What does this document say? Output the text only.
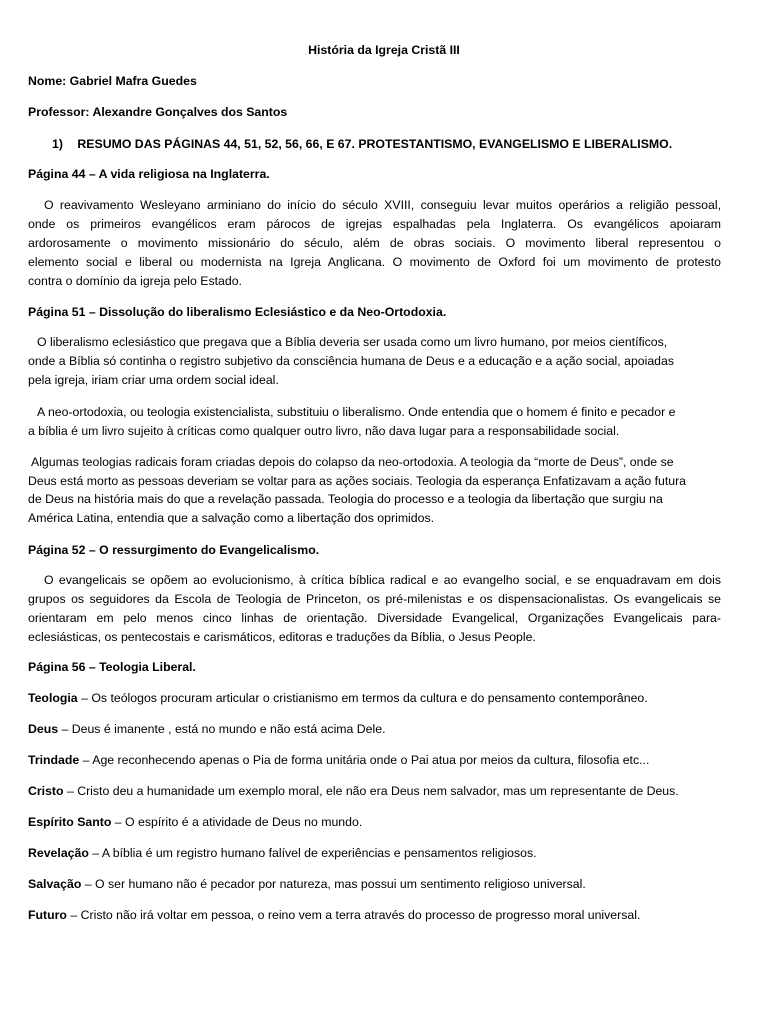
História da Igreja Cristã III
Nome: Gabriel Mafra Guedes
Professor: Alexandre Gonçalves dos Santos
1) RESUMO DAS PÁGINAS 44, 51, 52, 56, 66, E 67. PROTESTANTISMO, EVANGELISMO E LIBERALISMO.
Página 44 – A vida religiosa na Inglaterra.
O reavivamento Wesleyano arminiano do início do século XVIII, conseguiu levar muitos operários a religião pessoal,
onde os primeiros evangélicos eram párocos de igrejas espalhadas pela Inglaterra. Os evangélicos apoiaram
ardorosamente o movimento missionário do século, além de obras sociais. O movimento liberal representou o
elemento social e liberal ou modernista na Igreja Anglicana. O movimento de Oxford foi um movimento de protesto
contra o domínio da igreja pelo Estado.
Página 51 – Dissolução do liberalismo Eclesiástico e da Neo-Ortodoxia.
O liberalismo eclesiástico que pregava que a Bíblia deveria ser usada como um livro humano, por meios científicos,
onde a Bíblia só continha o registro subjetivo da consciência humana de Deus e a educação e a ação social, apoiadas
pela igreja, iriam criar uma ordem social ideal.
A neo-ortodoxia, ou teologia existencialista, substituiu o liberalismo. Onde entendia que o homem é finito e pecador e
a bíblia é um livro sujeito à críticas como qualquer outro livro, não dava lugar para a responsabilidade social.
Algumas teologias radicais foram criadas depois do colapso da neo-ortodoxia. A teologia da “morte de Deus”, onde se
Deus está morto as pessoas deveriam se voltar para as ações sociais. Teologia da esperança Enfatizavam a ação futura
de Deus na história mais do que a revelação passada. Teologia do processo e a teologia da libertação que surgiu na
América Latina, entendia que a salvação como a libertação dos oprimidos.
Página 52 – O ressurgimento do Evangelicalismo.
O evangelicais se opõem ao evolucionismo, à crítica bíblica radical e ao evangelho social, e se enquadravam em dois
grupos os seguidores da Escola de Teologia de Princeton, os pré-milenistas e os dispensacionalistas. Os evangelicais se
orientaram em pelo menos cinco linhas de orientação. Diversidade Evangelical, Organizações Evangelicais para-
eclesiásticas, os pentecostais e carismáticos, editoras e traduções da Bíblia, o Jesus People.
Página 56 – Teologia Liberal.
Teologia – Os teólogos procuram articular o cristianismo em termos da cultura e do pensamento contemporâneo.
Deus – Deus é imanente , está no mundo e não está acima Dele.
Trindade – Age reconhecendo apenas o Pia de forma unitária onde o Pai atua por meios da cultura, filosofia etc...
Cristo – Cristo deu a humanidade um exemplo moral, ele não era Deus nem salvador, mas um representante de Deus.
Espírito Santo – O espírito é a atividade de Deus no mundo.
Revelação – A bíblia é um registro humano falível de experiências e pensamentos religiosos.
Salvação – O ser humano não é pecador por natureza, mas possui um sentimento religioso universal.
Futuro – Cristo não irá voltar em pessoa, o reino vem a terra através do processo de progresso moral universal.
